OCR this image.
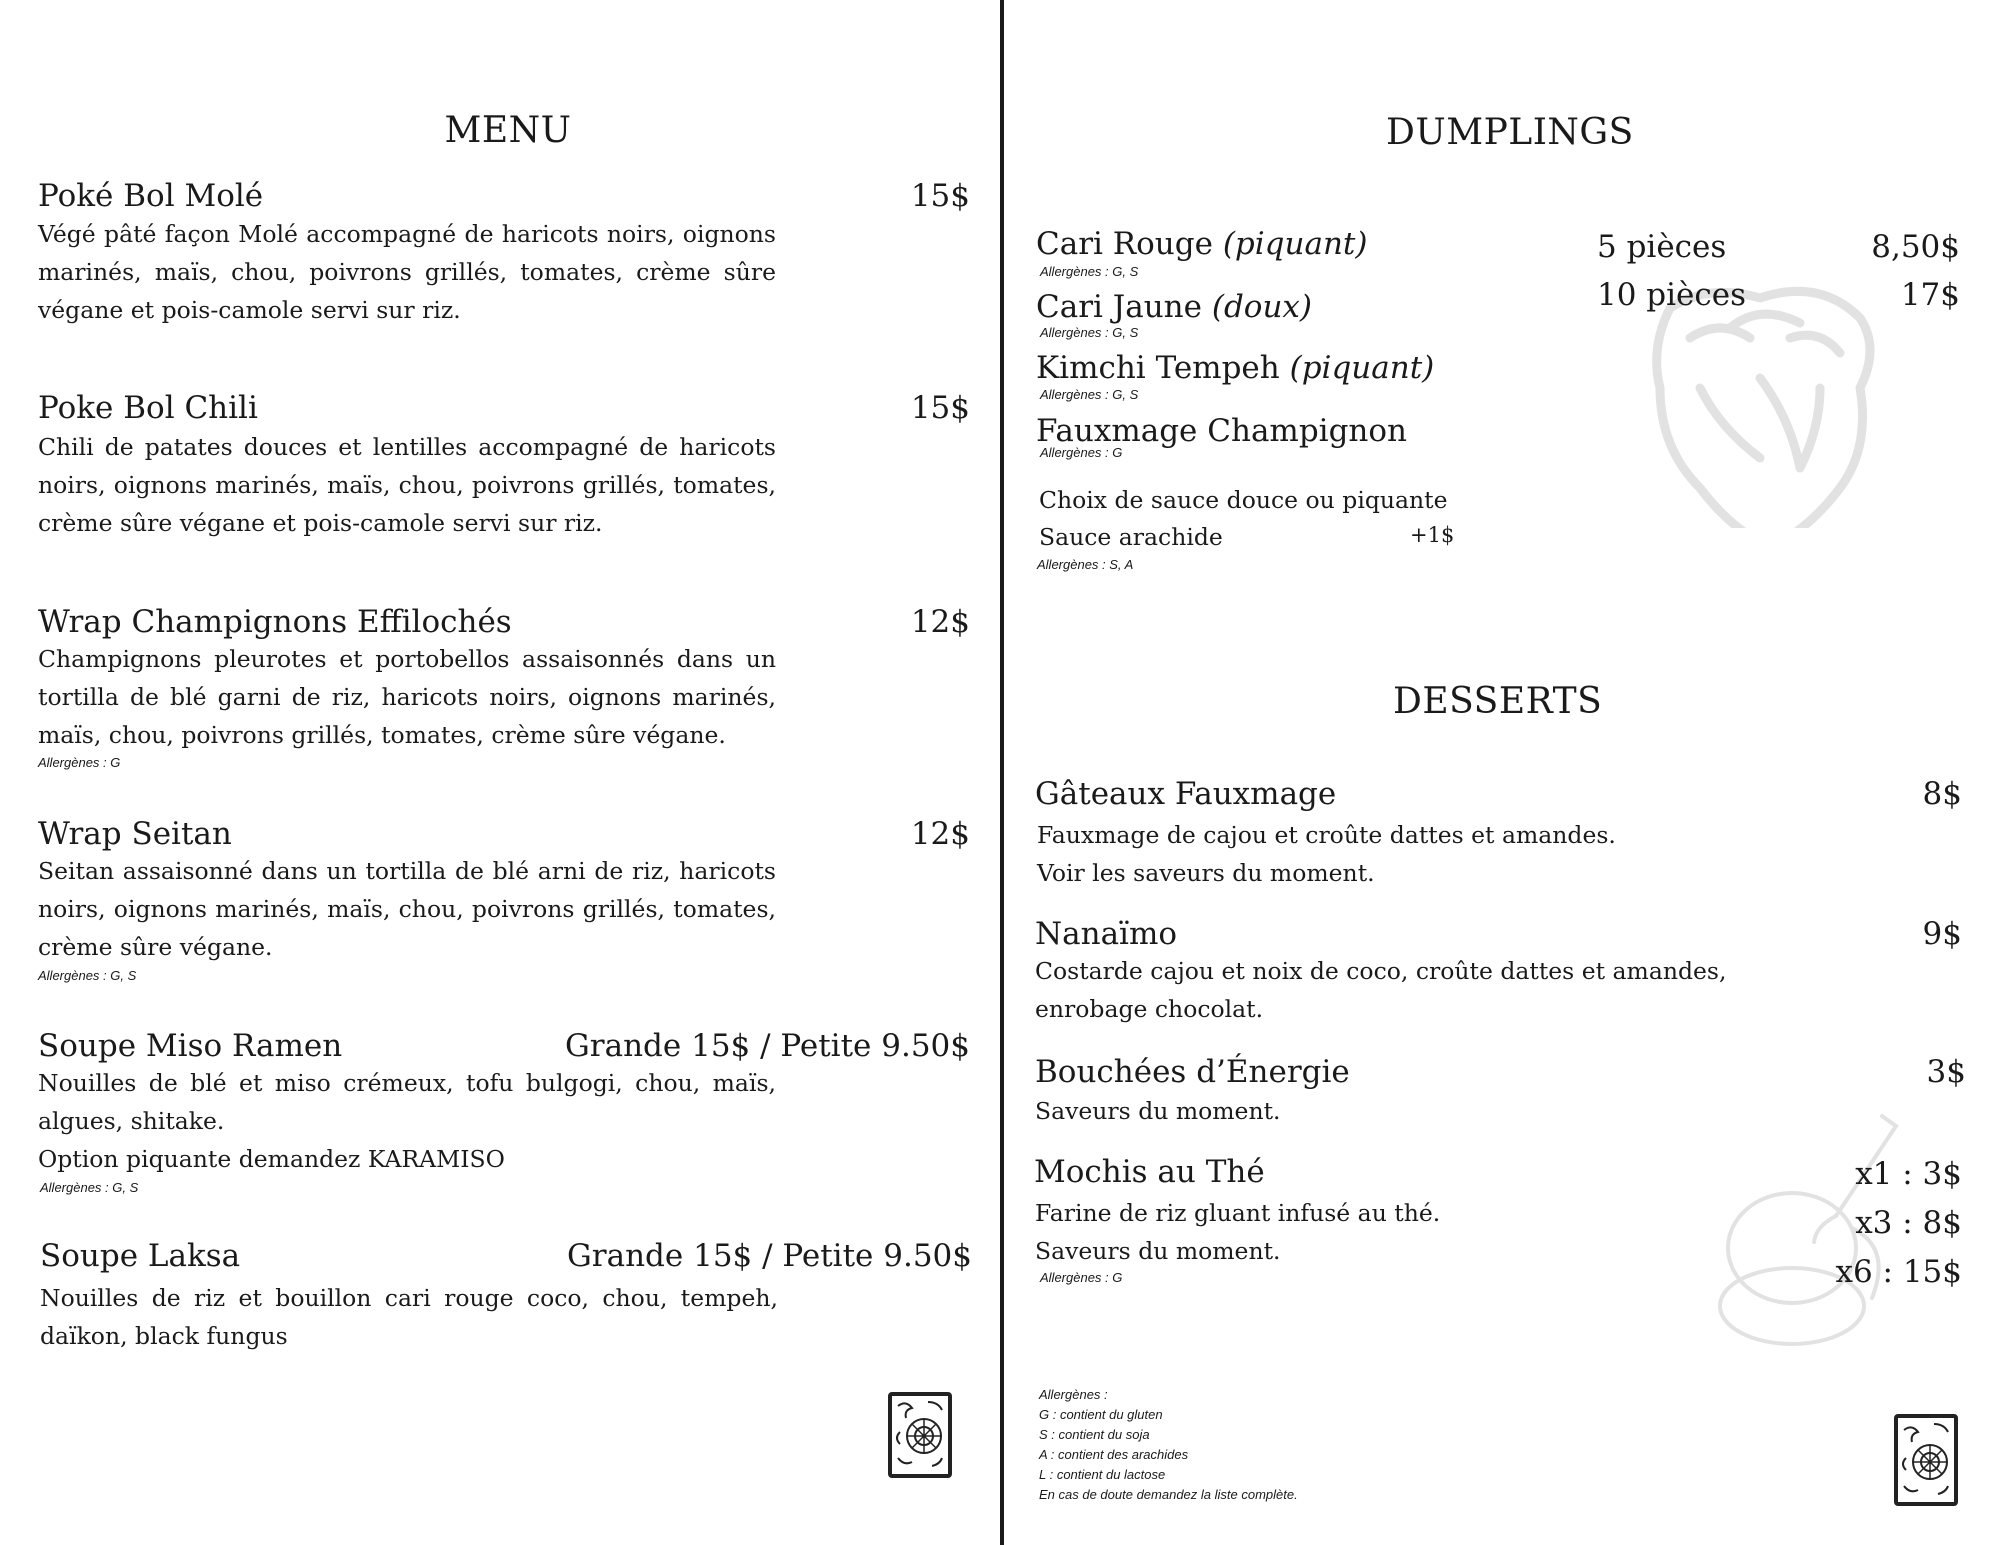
MENU
Poké Bol Molé	15$
Végé pâté façon Molé accompagné de haricots noirs, oignons marinés, maïs, chou, poivrons grillés, tomates, crème sûre végane et pois-camole servi sur riz.
Poke Bol Chili	15$
Chili de patates douces et lentilles accompagné de haricots noirs, oignons marinés, maïs, chou, poivrons grillés, tomates, crème sûre végane et pois-camole servi sur riz.
Wrap Champignons Effilochés	12$
Champignons pleurotes et portobellos assaisonnés dans un tortilla de blé garni de riz, haricots noirs, oignons marinés, maïs, chou, poivrons grillés, tomates, crème sûre végane.
Allergènes : G
Wrap Seitan	12$
Seitan assaisonné dans un tortilla de blé arni de riz, haricots noirs, oignons marinés, maïs, chou, poivrons grillés, tomates, crème sûre végane.
Allergènes : G, S
Soupe Miso Ramen	Grande 15$ / Petite 9.50$
Nouilles de blé et miso crémeux, tofu bulgogi, chou, maïs, algues, shitake.
Option piquante demandez KARAMISO
Allergènes : G, S
Soupe Laksa	Grande 15$ / Petite 9.50$
Nouilles de riz et bouillon cari rouge coco, chou, tempeh, daïkon, black fungus
DUMPLINGS
Cari Rouge (piquant)
Allergènes : G, S
Cari Jaune (doux)
Allergènes : G, S
Kimchi Tempeh (piquant)
Allergènes : G, S
Fauxmage Champignon
Allergènes : G
5 pièces	8,50$
10 pièces	17$
Choix de sauce douce ou piquante
Sauce arachide	+1$
Allergènes : S, A
DESSERTS
Gâteaux Fauxmage	8$
Fauxmage de cajou et croûte dattes et amandes.
Voir les saveurs du moment.
Nanaïmo	9$
Costarde cajou et noix de coco, croûte dattes et amandes,
enrobage chocolat.
Bouchées d’Énergie	3$
Saveurs du moment.
Mochis au Thé
Farine de riz gluant infusé au thé.
Saveurs du moment.
Allergènes : G
x1 : 3$
x3 : 8$
x6 : 15$
Allergènes :
G : contient du gluten
S : contient du soja
A : contient des arachides
L : contient du lactose
En cas de doute demandez la liste complète.
